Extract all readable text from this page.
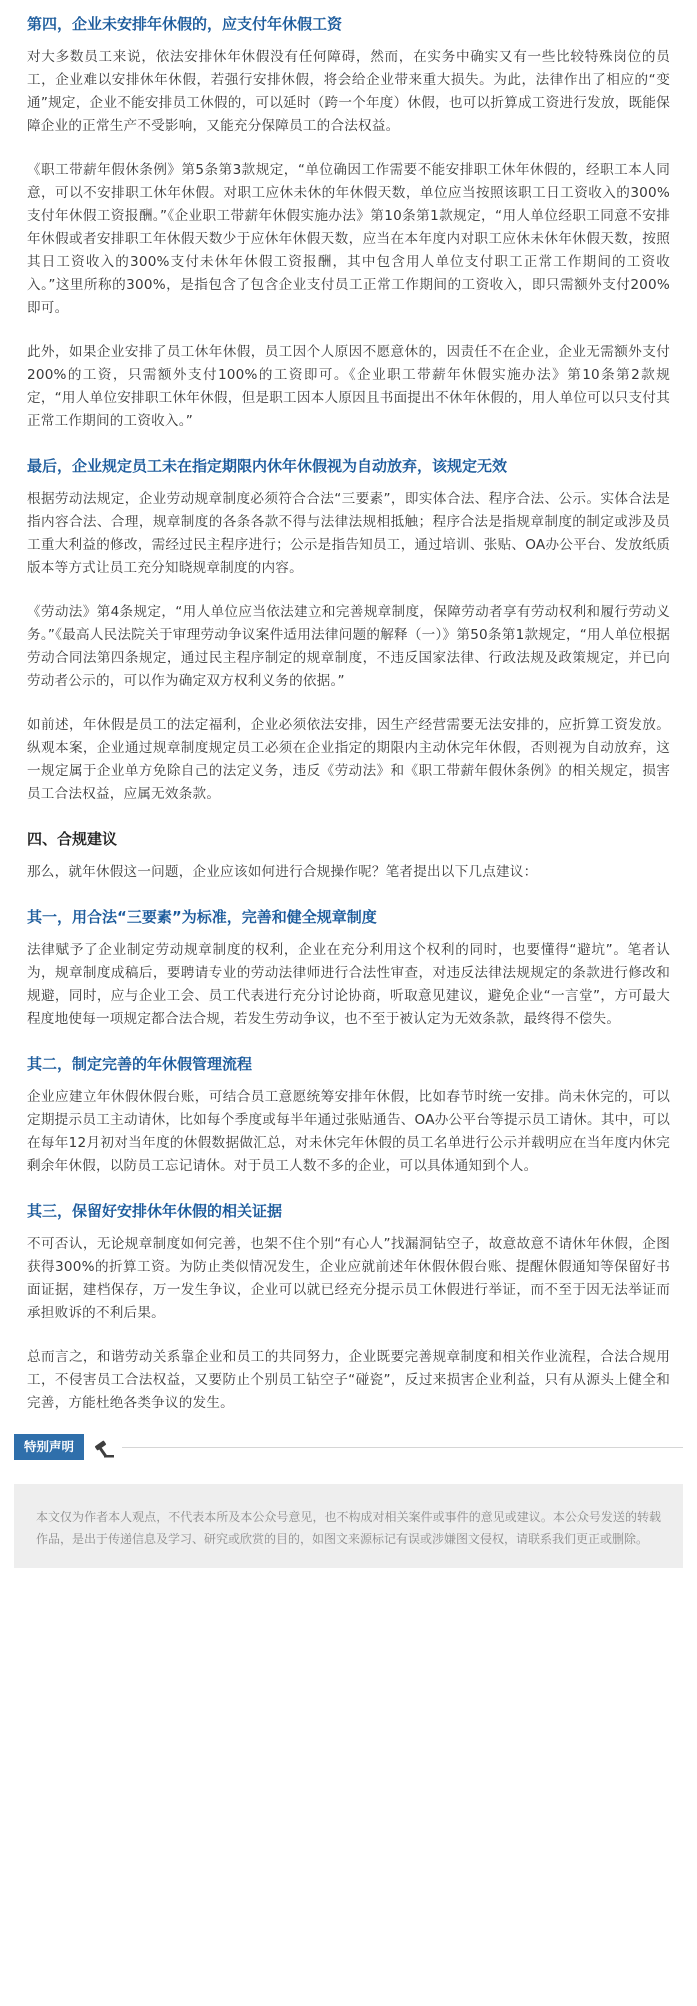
第四，企业未安排年休假的，应支付年休假工资

对大多数员工来说，依法安排休年休假没有任何障碍，然而，在实务中确实又有一些比较特殊岗位的员工，企业难以安排休年休假，若强行安排休假，将会给企业带来重大损失。为此，法律作出了相应的“变通”规定，企业不能安排员工休假的，可以延时（跨一个年度）休假，也可以折算成工资进行发放，既能保障企业的正常生产不受影响，又能充分保障员工的合法权益。

《职工带薪年假休条例》第5条第3款规定，“单位确因工作需要不能安排职工休年休假的，经职工本人同意，可以不安排职工休年休假。对职工应休未休的年休假天数，单位应当按照该职工日工资收入的300%支付年休假工资报酬。”《企业职工带薪年休假实施办法》第10条第1款规定，“用人单位经职工同意不安排年休假或者安排职工年休假天数少于应休年休假天数，应当在本年度内对职工应休未休年休假天数，按照其日工资收入的300%支付未休年休假工资报酬，其中包含用人单位支付职工正常工作期间的工资收入。”这里所称的300%，是指包含了包含企业支付员工正常工作期间的工资收入，即只需额外支付200%即可。

此外，如果企业安排了员工休年休假，员工因个人原因不愿意休的，因责任不在企业，企业无需额外支付200%的工资，只需额外支付100%的工资即可。《企业职工带薪年休假实施办法》第10条第2款规定，“用人单位安排职工休年休假，但是职工因本人原因且书面提出不休年休假的，用人单位可以只支付其正常工作期间的工资收入。”

最后，企业规定员工未在指定期限内休年休假视为自动放弃，该规定无效

根据劳动法规定，企业劳动规章制度必须符合合法“三要素”，即实体合法、程序合法、公示。实体合法是指内容合法、合理，规章制度的各条各款不得与法律法规相抵触；程序合法是指规章制度的制定或涉及员工重大利益的修改，需经过民主程序进行；公示是指告知员工，通过培训、张贴、OA办公平台、发放纸质版本等方式让员工充分知晓规章制度的内容。

《劳动法》第4条规定，“用人单位应当依法建立和完善规章制度，保障劳动者享有劳动权利和履行劳动义务。”《最高人民法院关于审理劳动争议案件适用法律问题的解释（一）》第50条第1款规定，“用人单位根据劳动合同法第四条规定，通过民主程序制定的规章制度，不违反国家法律、行政法规及政策规定，并已向劳动者公示的，可以作为确定双方权利义务的依据。”

如前述，年休假是员工的法定福利，企业必须依法安排，因生产经营需要无法安排的，应折算工资发放。纵观本案，企业通过规章制度规定员工必须在企业指定的期限内主动休完年休假，否则视为自动放弃，这一规定属于企业单方免除自己的法定义务，违反《劳动法》和《职工带薪年假休条例》的相关规定，损害员工合法权益，应属无效条款。

四、合规建议

那么，就年休假这一问题，企业应该如何进行合规操作呢？笔者提出以下几点建议：

其一，用合法“三要素”为标准，完善和健全规章制度

法律赋予了企业制定劳动规章制度的权利，企业在充分利用这个权利的同时，也要懂得“避坑”。笔者认为，规章制度成稿后，要聘请专业的劳动法律师进行合法性审查，对违反法律法规规定的条款进行修改和规避，同时，应与企业工会、员工代表进行充分讨论协商，听取意见建议，避免企业“一言堂”，方可最大程度地使每一项规定都合法合规，若发生劳动争议，也不至于被认定为无效条款，最终得不偿失。

其二，制定完善的年休假管理流程

企业应建立年休假休假台账，可结合员工意愿统筹安排年休假，比如春节时统一安排。尚未休完的，可以定期提示员工主动请休，比如每个季度或每半年通过张贴通告、OA办公平台等提示员工请休。其中，可以在每年12月初对当年度的休假数据做汇总，对未休完年休假的员工名单进行公示并载明应在当年度内休完剩余年休假，以防员工忘记请休。对于员工人数不多的企业，可以具体通知到个人。

其三，保留好安排休年休假的相关证据

不可否认，无论规章制度如何完善，也架不住个别“有心人”找漏洞钻空子，故意故意不请休年休假，企图获得300%的折算工资。为防止类似情况发生，企业应就前述年休假休假台账、提醒休假通知等保留好书面证据，建档保存，万一发生争议，企业可以就已经充分提示员工休假进行举证，而不至于因无法举证而承担败诉的不利后果。

总而言之，和谐劳动关系靠企业和员工的共同努力，企业既要完善规章制度和相关作业流程，合法合规用工，不侵害员工合法权益，又要防止个别员工钻空子“碰瓷”，反过来损害企业利益，只有从源头上健全和完善，方能杜绝各类争议的发生。

特别声明
本文仅为作者本人观点，不代表本所及本公众号意见，也不构成对相关案件或事件的意见或建议。本公众号发送的转载作品，是出于传递信息及学习、研究或欣赏的目的，如图文来源标记有误或涉嫌图文侵权，请联系我们更正或删除。
